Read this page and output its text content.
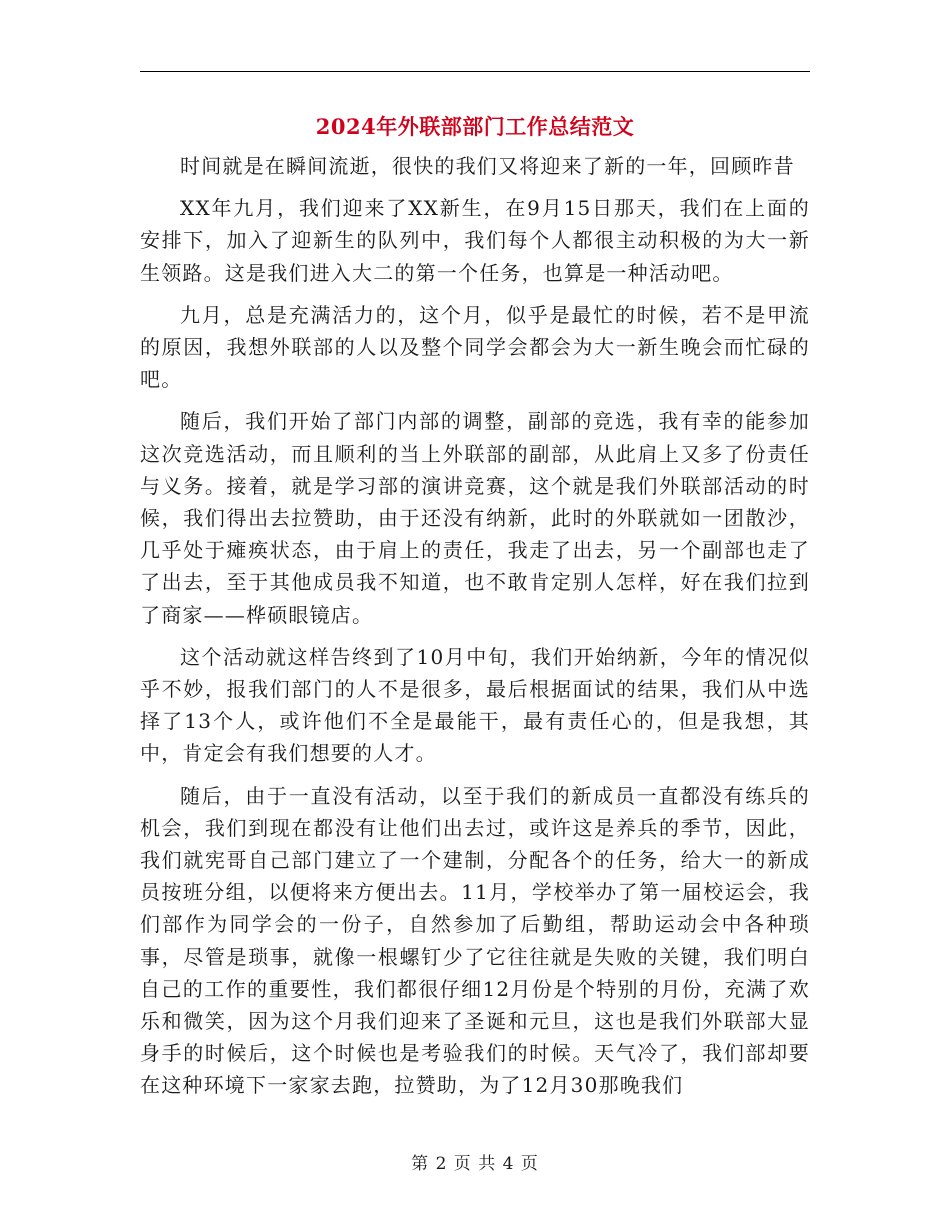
2024年外联部部门工作总结范文

时间就是在瞬间流逝，很快的我们又将迎来了新的一年，回顾昨昔

XX年九月，我们迎来了XX新生，在9月15日那天，我们在上面的安排下，加入了迎新生的队列中，我们每个人都很主动积极的为大一新生领路。这是我们进入大二的第一个任务，也算是一种活动吧。

九月，总是充满活力的，这个月，似乎是最忙的时候，若不是甲流的原因，我想外联部的人以及整个同学会都会为大一新生晚会而忙碌的吧。

随后，我们开始了部门内部的调整，副部的竞选，我有幸的能参加这次竞选活动，而且顺利的当上外联部的副部，从此肩上又多了份责任与义务。接着，就是学习部的演讲竞赛，这个就是我们外联部活动的时候，我们得出去拉赞助，由于还没有纳新，此时的外联就如一团散沙，几乎处于瘫痪状态，由于肩上的责任，我走了出去，另一个副部也走了了出去，至于其他成员我不知道，也不敢肯定别人怎样，好在我们拉到了商家——桦硕眼镜店。

这个活动就这样告终到了10月中旬，我们开始纳新，今年的情况似乎不妙，报我们部门的人不是很多，最后根据面试的结果，我们从中选择了13个人，或许他们不全是最能干，最有责任心的，但是我想，其中，肯定会有我们想要的人才。

随后，由于一直没有活动，以至于我们的新成员一直都没有练兵的机会，我们到现在都没有让他们出去过，或许这是养兵的季节，因此，我们就宪哥自己部门建立了一个建制，分配各个的任务，给大一的新成员按班分组，以便将来方便出去。11月，学校举办了第一届校运会，我们部作为同学会的一份子，自然参加了后勤组，帮助运动会中各种琐事，尽管是琐事，就像一根螺钉少了它往往就是失败的关键，我们明白自己的工作的重要性，我们都很仔细12月份是个特别的月份，充满了欢乐和微笑，因为这个月我们迎来了圣诞和元旦，这也是我们外联部大显身手的时候后，这个时候也是考验我们的时候。天气冷了，我们部却要在这种环境下一家家去跑，拉赞助，为了12月30那晚我们

第 2 页 共 4 页
